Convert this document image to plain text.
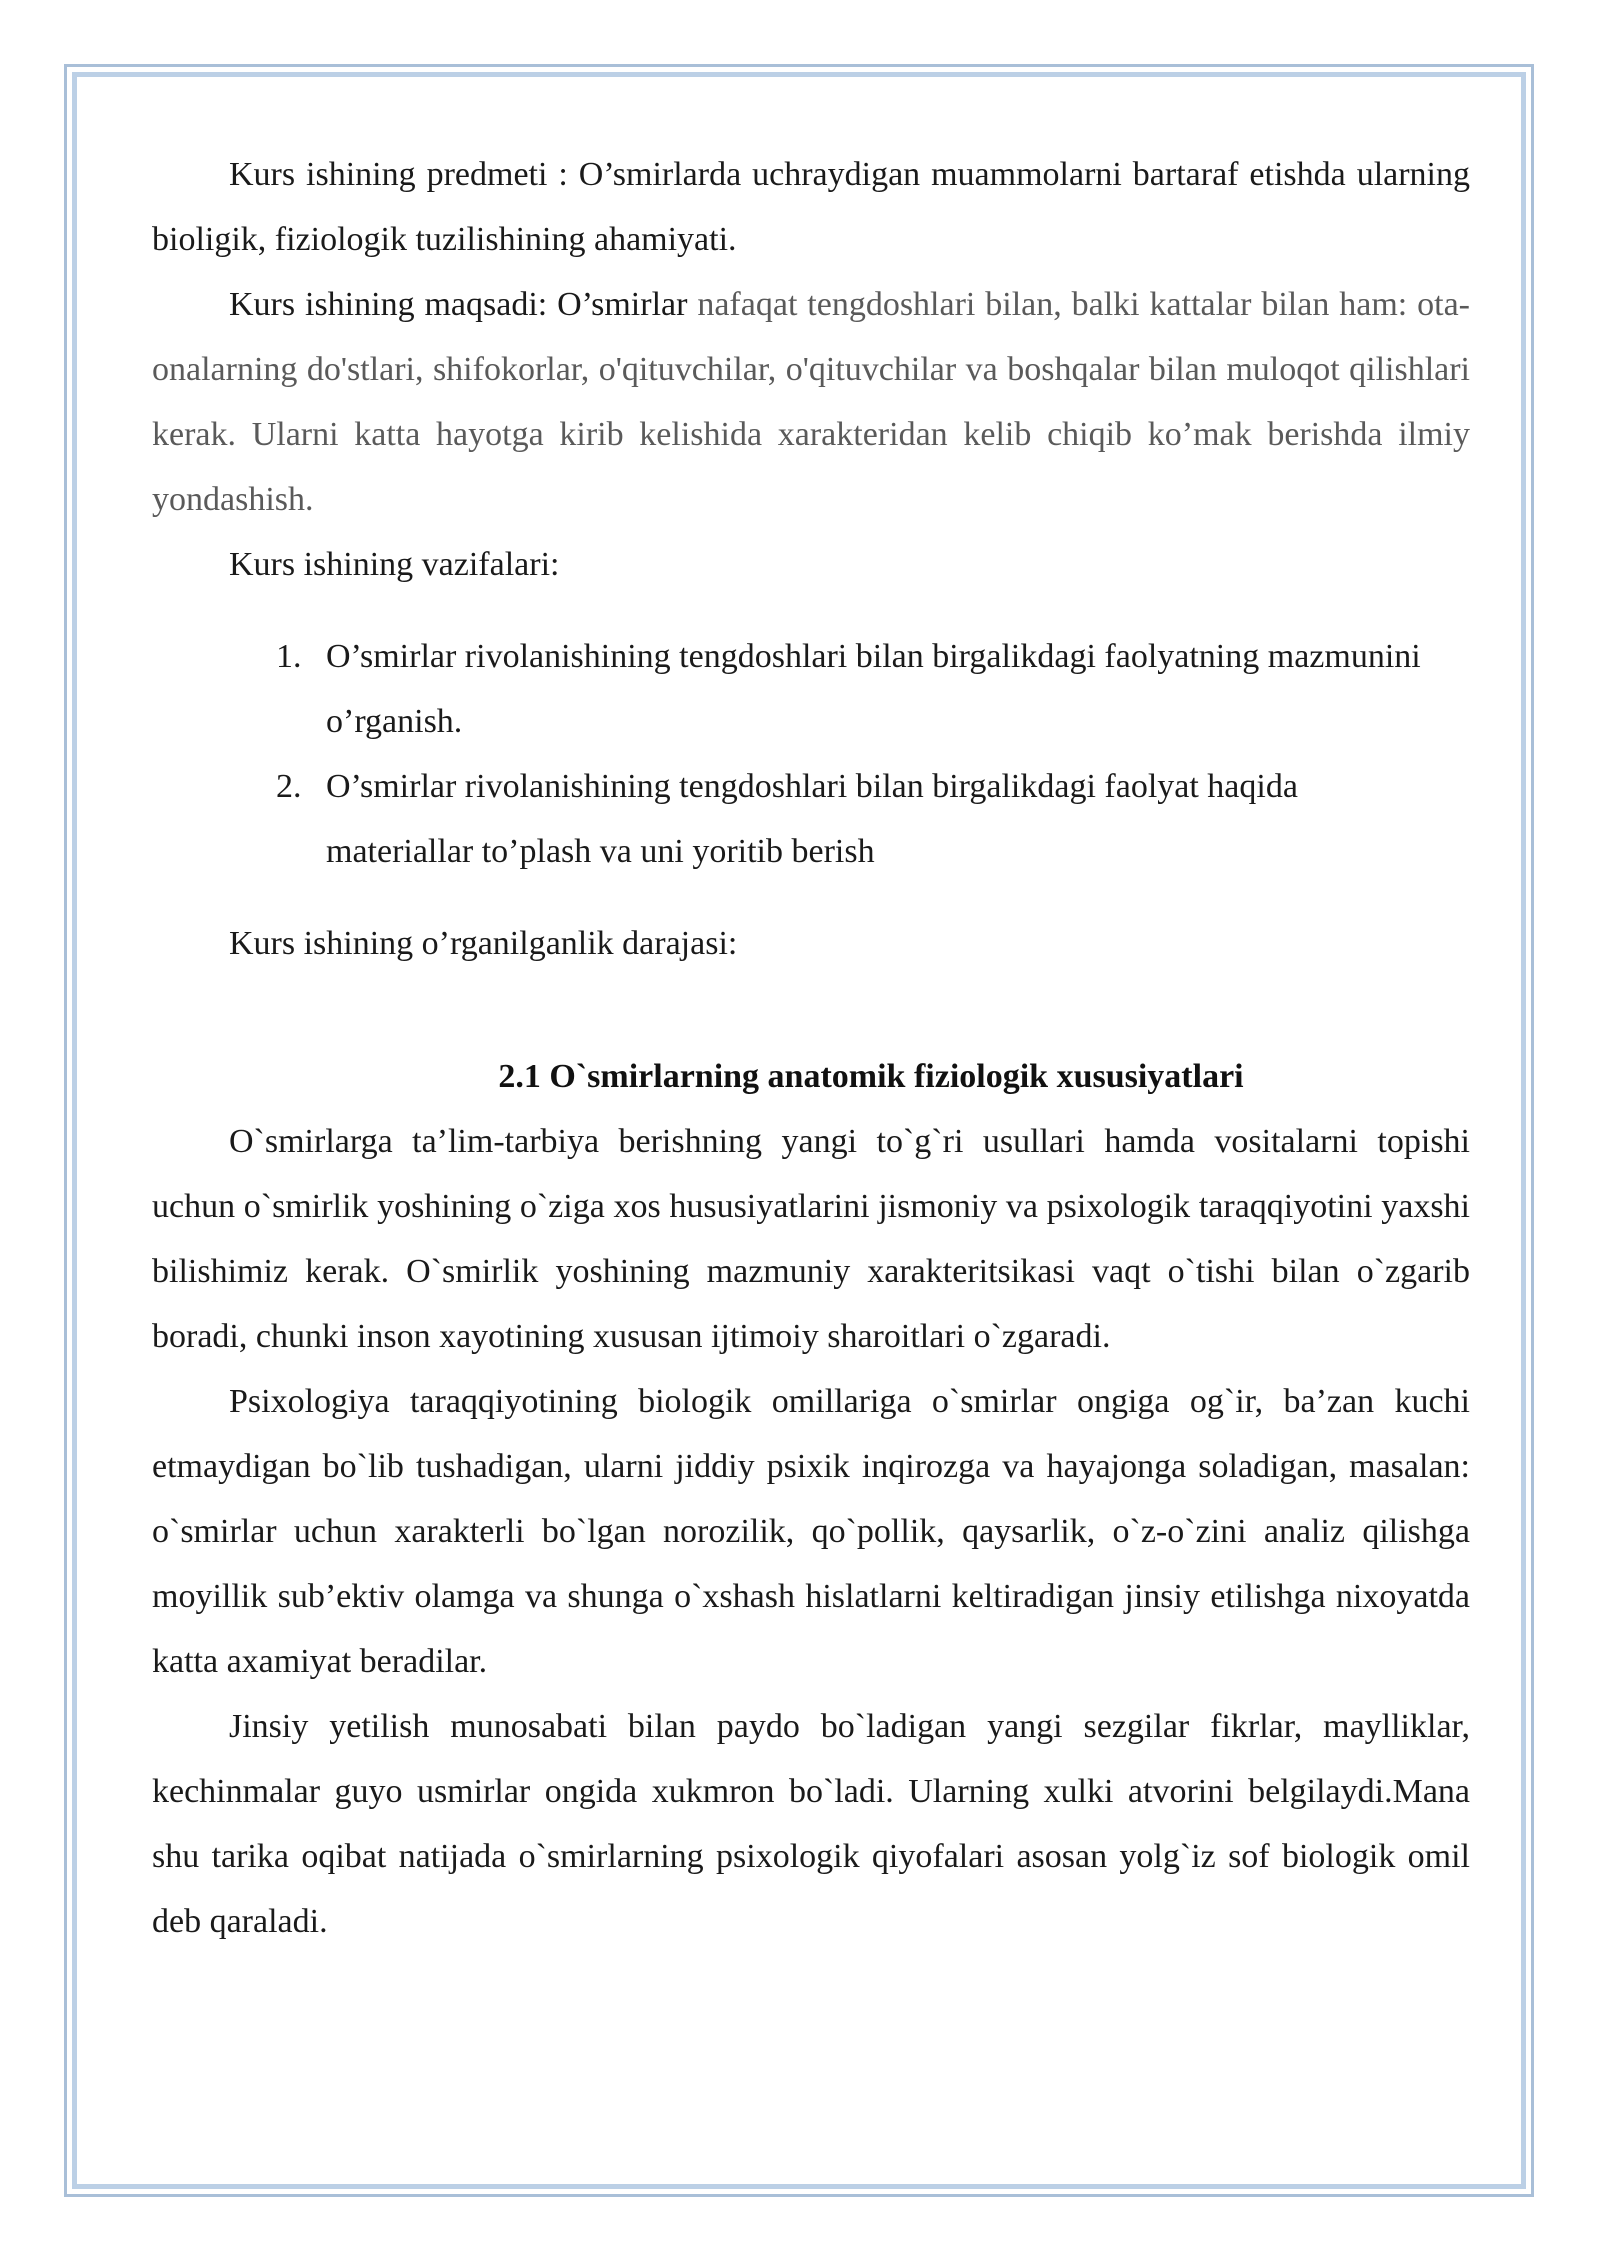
Kurs ishining predmeti : O’smirlarda uchraydigan muammolarni bartaraf etishda ularning bioligik, fiziologik tuzilishining ahamiyati.

Kurs ishining maqsadi: O’smirlar nafaqat tengdoshlari bilan, balki kattalar bilan ham: ota-onalarning do'stlari, shifokorlar, o'qituvchilar, o'qituvchilar va boshqalar bilan muloqot qilishlari kerak. Ularni katta hayotga kirib kelishida xarakteridan kelib chiqib ko’mak berishda ilmiy yondashish.

Kurs ishining vazifalari:

1. O’smirlar rivolanishining tengdoshlari bilan birgalikdagi faolyatning mazmunini o’rganish.
2. O’smirlar rivolanishining tengdoshlari bilan birgalikdagi faolyat haqida materiallar to’plash va uni yoritib berish

Kurs ishining o’rganilganlik darajasi:

2.1 O`smirlarning anatomik fiziologik xususiyatlari

O`smirlarga ta’lim-tarbiya berishning yangi to`g`ri usullari hamda vositalarni topishi uchun o`smirlik yoshining o`ziga xos hususiyatlarini jismoniy va psixologik taraqqiyotini yaxshi bilishimiz kerak. O`smirlik yoshining mazmuniy xarakteritsikasi vaqt o`tishi bilan o`zgarib boradi, chunki inson xayotining xususan ijtimoiy sharoitlari o`zgaradi.

Psixologiya taraqqiyotining biologik omillariga o`smirlar ongiga og`ir, ba’zan kuchi etmaydigan bo`lib tushadigan, ularni jiddiy psixik inqirozga va hayajonga soladigan, masalan: o`smirlar uchun xarakterli bo`lgan norozilik, qo`pollik, qaysarlik, o`z-o`zini analiz qilishga moyillik sub’ektiv olamga va shunga o`xshash hislatlarni keltiradigan jinsiy etilishga nixoyatda katta axamiyat beradilar.

Jinsiy yetilish munosabati bilan paydo bo`ladigan yangi sezgilar fikrlar, maylliklar, kechinmalar guyo usmirlar ongida xukmron bo`ladi. Ularning xulki atvorini belgilaydi.Mana shu tarika oqibat natijada o`smirlarning psixologik qiyofalari asosan yolg`iz sof biologik omil deb qaraladi.
